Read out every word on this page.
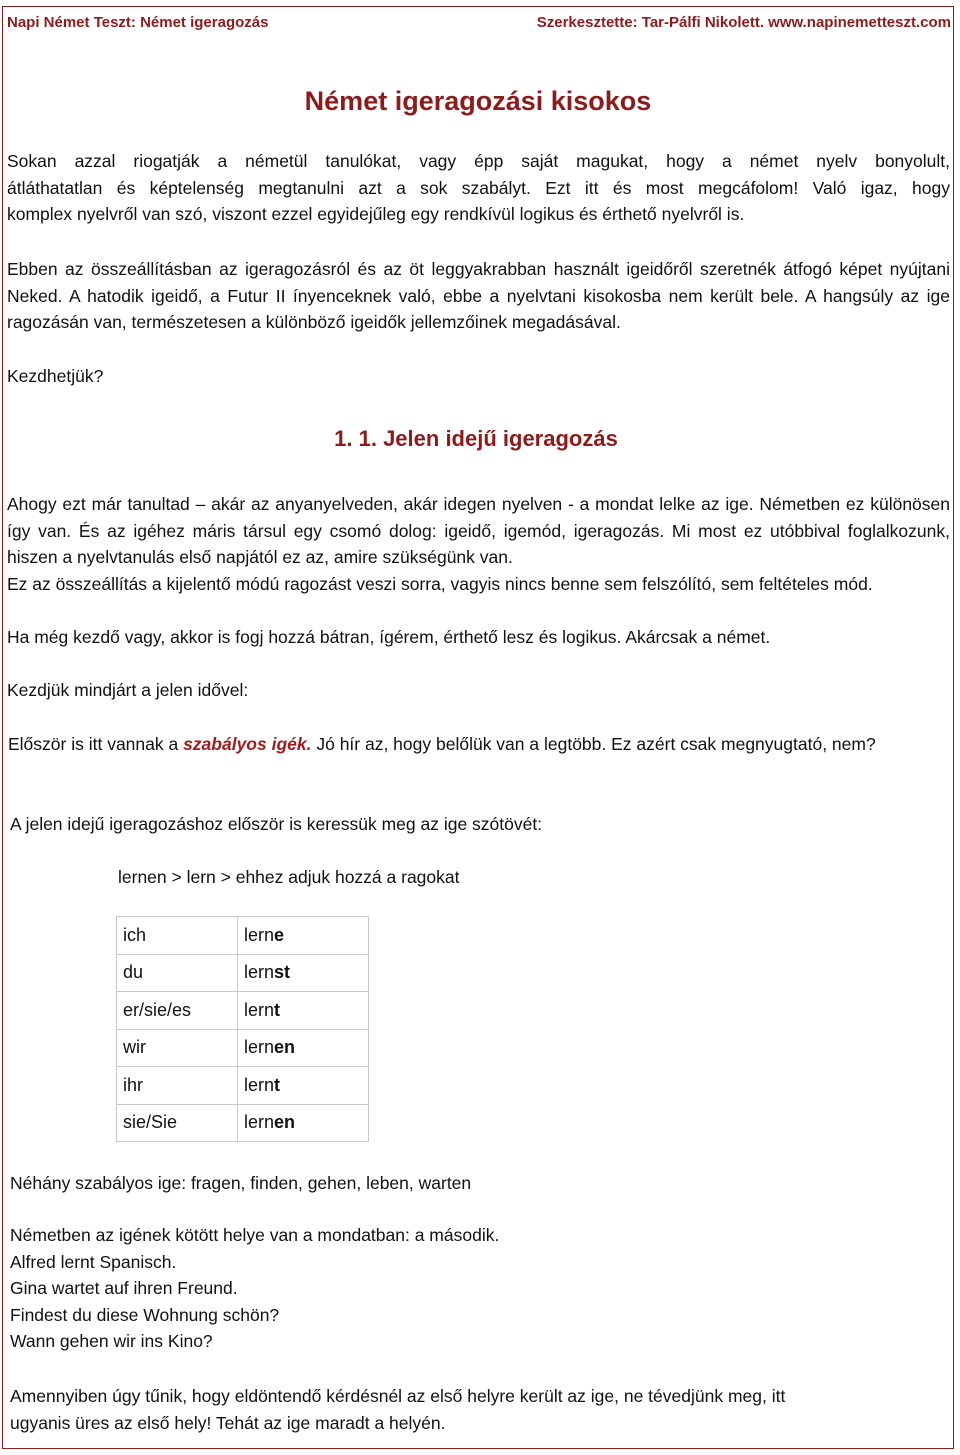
Napi Német Teszt: Német igeragozás	Szerkesztette: Tar-Pálfi Nikolett. www.napinemetteszt.com
Német igeragozási kisokos
Sokan azzal riogatják a németül tanulókat, vagy épp saját magukat, hogy a német nyelv bonyolult,
átláthatatlan és képtelenség megtanulni azt a sok szabályt. Ezt itt és most megcáfolom! Való igaz, hogy
komplex nyelvről van szó, viszont ezzel egyidejűleg egy rendkívül logikus és érthető nyelvről is.

Ebben az összeállításban az igeragozásról és az öt leggyakrabban használt igeidőről szeretnék átfogó képet nyújtani Neked. A hatodik igeidő, a Futur II ínyenceknek való, ebbe a nyelvtani kisokosba nem került bele. A hangsúly az ige ragozásán van, természetesen a különböző igeidők jellemzőinek megadásával.

Kezdhetjük?

1. 1. Jelen idejű igeragozás

Ahogy ezt már tanultad – akár az anyanyelveden, akár idegen nyelven - a mondat lelke az ige. Németben ez különösen így van. És az igéhez máris társul egy csomó dolog: igeidő, igemód, igeragozás. Mi most ez utóbbival foglalkozunk, hiszen a nyelvtanulás első napjától ez az, amire szükségünk van.

Ez az összeállítás a kijelentő módú ragozást veszi sorra, vagyis nincs benne sem felszólító, sem feltételes mód.

Ha még kezdő vagy, akkor is fogj hozzá bátran, ígérem, érthető lesz és logikus. Akárcsak a német.

Kezdjük mindjárt a jelen idővel:

Először is itt vannak a szabályos igék. Jó hír az, hogy belőlük van a legtöbb. Ez azért csak megnyugtató, nem?

A jelen idejű igeragozáshoz először is keressük meg az ige szótövét:

lernen > lern > ehhez adjuk hozzá a ragokat

ich	lerne
du	lernst
er/sie/es	lernt
wir	lernen
ihr	lernt
sie/Sie	lernen

Néhány szabályos ige: fragen, finden, gehen, leben, warten

Németben az igének kötött helye van a mondatban: a második.
Alfred lernt Spanisch.
Gina wartet auf ihren Freund.
Findest du diese Wohnung schön?
Wann gehen wir ins Kino?
Amennyiben úgy tűnik, hogy eldöntendő kérdésnél az első helyre került az ige, ne tévedjünk meg, itt
ugyanis üres az első hely! Tehát az ige maradt a helyén.
